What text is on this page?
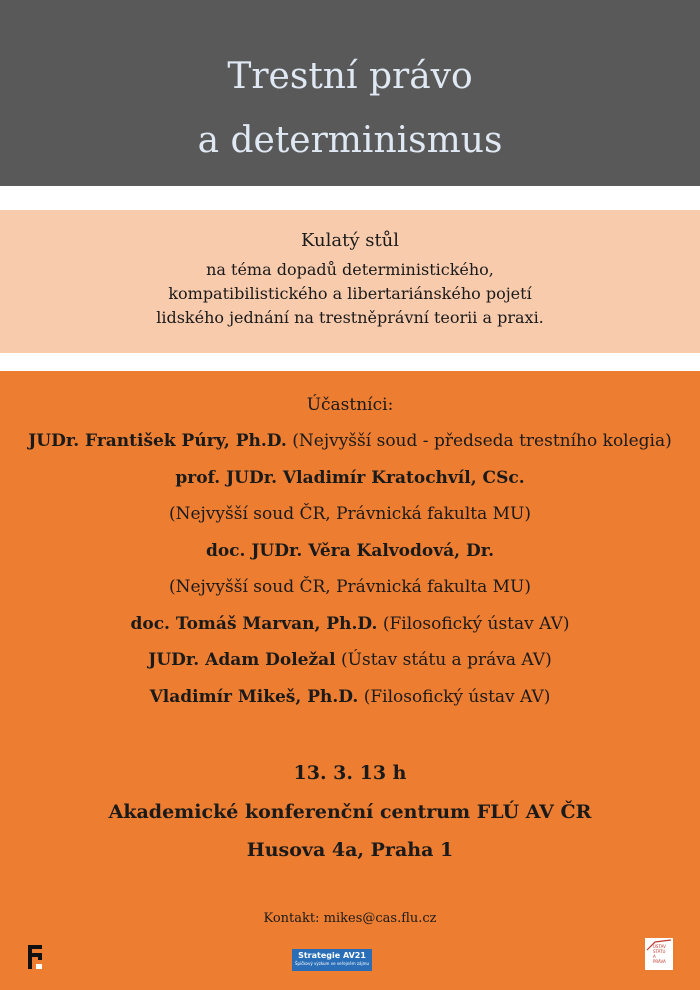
Trestní právo
a determinismus
Kulatý stůl
na téma dopadů deterministického,
kompatibilistického a libertariánského pojetí
lidského jednání na trestněprávní teorii a praxi.
Účastníci:
JUDr. František Púry, Ph.D. (Nejvyšší soud - předseda trestního kolegia)
prof. JUDr. Vladimír Kratochvíl, CSc.
(Nejvyšší soud ČR, Právnická fakulta MU)
doc. JUDr. Věra Kalvodová, Dr.
(Nejvyšší soud ČR, Právnická fakulta MU)
doc. Tomáš Marvan, Ph.D. (Filosofický ústav AV)
JUDr. Adam Doležal (Ústav státu a práva AV)
Vladimír Mikeš, Ph.D. (Filosofický ústav AV)
13. 3. 13 h
Akademické konferenční centrum FLÚ AV ČR
Husova 4a, Praha 1
Kontakt: mikes@cas.flu.cz
Strategie AV21
Špičkový výzkum ve veřejném zájmu
ÚSTAV STÁTU A PRÁVA
